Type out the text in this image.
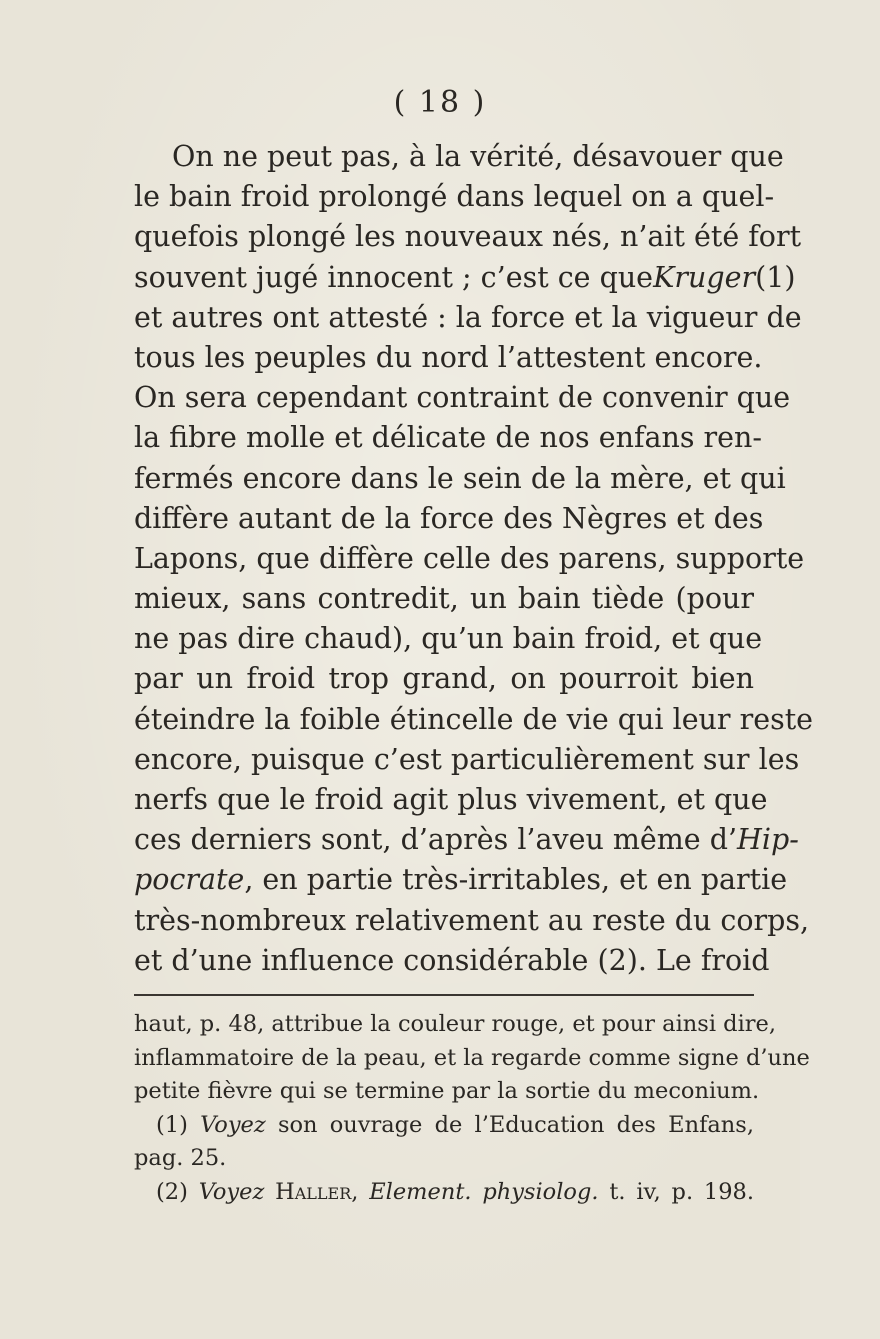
( 18 )
On ne peut pas, à la vérité, désavouer que
le bain froid prolongé dans lequel on a quel-
quefois plongé les nouveaux nés, n’ait été fort
souvent jugé innocent ; c’est ce queKruger(1)
et autres ont attesté : la force et la vigueur de
tous les peuples du nord l’attestent encore.
On sera cependant contraint de convenir que
la fibre molle et délicate de nos enfans ren-
fermés encore dans le sein de la mère, et qui
diffère autant de la force des Nègres et des
Lapons, que diffère celle des parens, supporte
mieux, sans contredit, un bain tiède (pour
ne pas dire chaud), qu’un bain froid, et que
par un froid trop grand, on pourroit bien
éteindre la foible étincelle de vie qui leur reste
encore, puisque c’est particulièrement sur les
nerfs que le froid agit plus vivement, et que
ces derniers sont, d’après l’aveu même d’Hip-
pocrate, en partie très-irritables, et en partie
très-nombreux relativement au reste du corps,
et d’une influence considérable (2). Le froid
haut, p. 48, attribue la couleur rouge, et pour ainsi dire,
inflammatoire de la peau, et la regarde comme signe d’une
petite fièvre qui se termine par la sortie du meconium.
(1) Voyez son ouvrage de l’Education des Enfans,
pag. 25.
(2) Voyez Haller, Element. physiolog. t. iv, p. 198.
